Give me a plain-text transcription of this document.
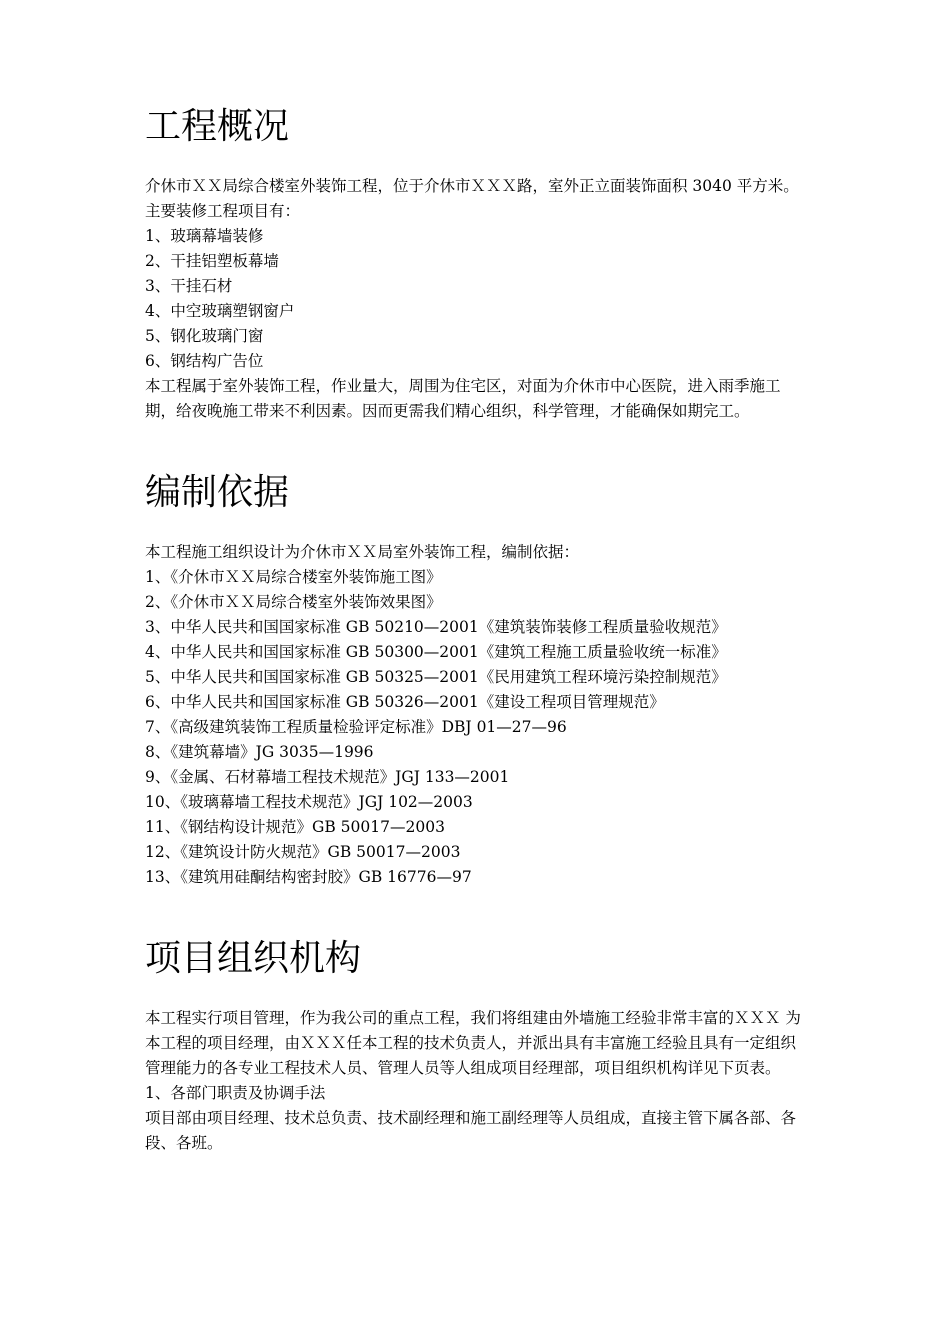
工程概况

介休市ＸＸ局综合楼室外装饰工程，位于介休市ＸＸＸ路，室外正立面装饰面积 3040 平方米。

主要装修工程项目有：

1、玻璃幕墙装修

2、干挂铝塑板幕墙

3、干挂石材

4、中空玻璃塑钢窗户

5、钢化玻璃门窗

6、钢结构广告位

本工程属于室外装饰工程，作业量大，周围为住宅区，对面为介休市中心医院，进入雨季施工期，给夜晚施工带来不利因素。因而更需我们精心组织，科学管理，才能确保如期完工。

编制依据

本工程施工组织设计为介休市ＸＸ局室外装饰工程，编制依据：

1、《介休市ＸＸ局综合楼室外装饰施工图》

2、《介休市ＸＸ局综合楼室外装饰效果图》

3、中华人民共和国国家标准 GB 50210—2001《建筑装饰装修工程质量验收规范》

4、中华人民共和国国家标准 GB 50300—2001《建筑工程施工质量验收统一标准》

5、中华人民共和国国家标准 GB 50325—2001《民用建筑工程环境污染控制规范》

6、中华人民共和国国家标准 GB 50326—2001《建设工程项目管理规范》

7、《高级建筑装饰工程质量检验评定标准》DBJ 01—27—96

8、《建筑幕墙》JG 3035—1996

9、《金属、石材幕墙工程技术规范》JGJ 133—2001

10、《玻璃幕墙工程技术规范》JGJ 102—2003

11、《钢结构设计规范》GB 50017—2003

12、《建筑设计防火规范》GB 50017—2003

13、《建筑用硅酮结构密封胶》GB 16776—97

项目组织机构

本工程实行项目管理，作为我公司的重点工程，我们将组建由外墙施工经验非常丰富的ＸＸＸ 为本工程的项目经理，由ＸＸＸ任本工程的技术负责人，并派出具有丰富施工经验且具有一定组织管理能力的各专业工程技术人员、管理人员等人组成项目经理部，项目组织机构详见下页表。

1、各部门职责及协调手法

项目部由项目经理、技术总负责、技术副经理和施工副经理等人员组成，直接主管下属各部、各段、各班。
